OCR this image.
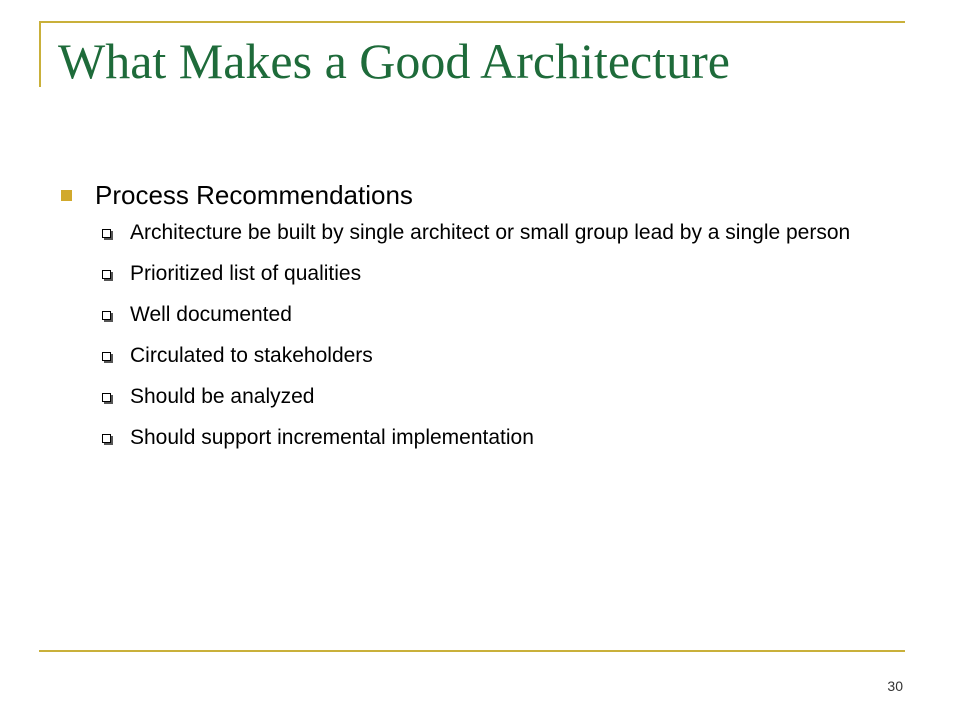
What Makes a Good Architecture
Process Recommendations
Architecture be built by single architect or small group lead by a single person
Prioritized list of qualities
Well documented
Circulated to stakeholders
Should be analyzed
Should support incremental implementation
30
